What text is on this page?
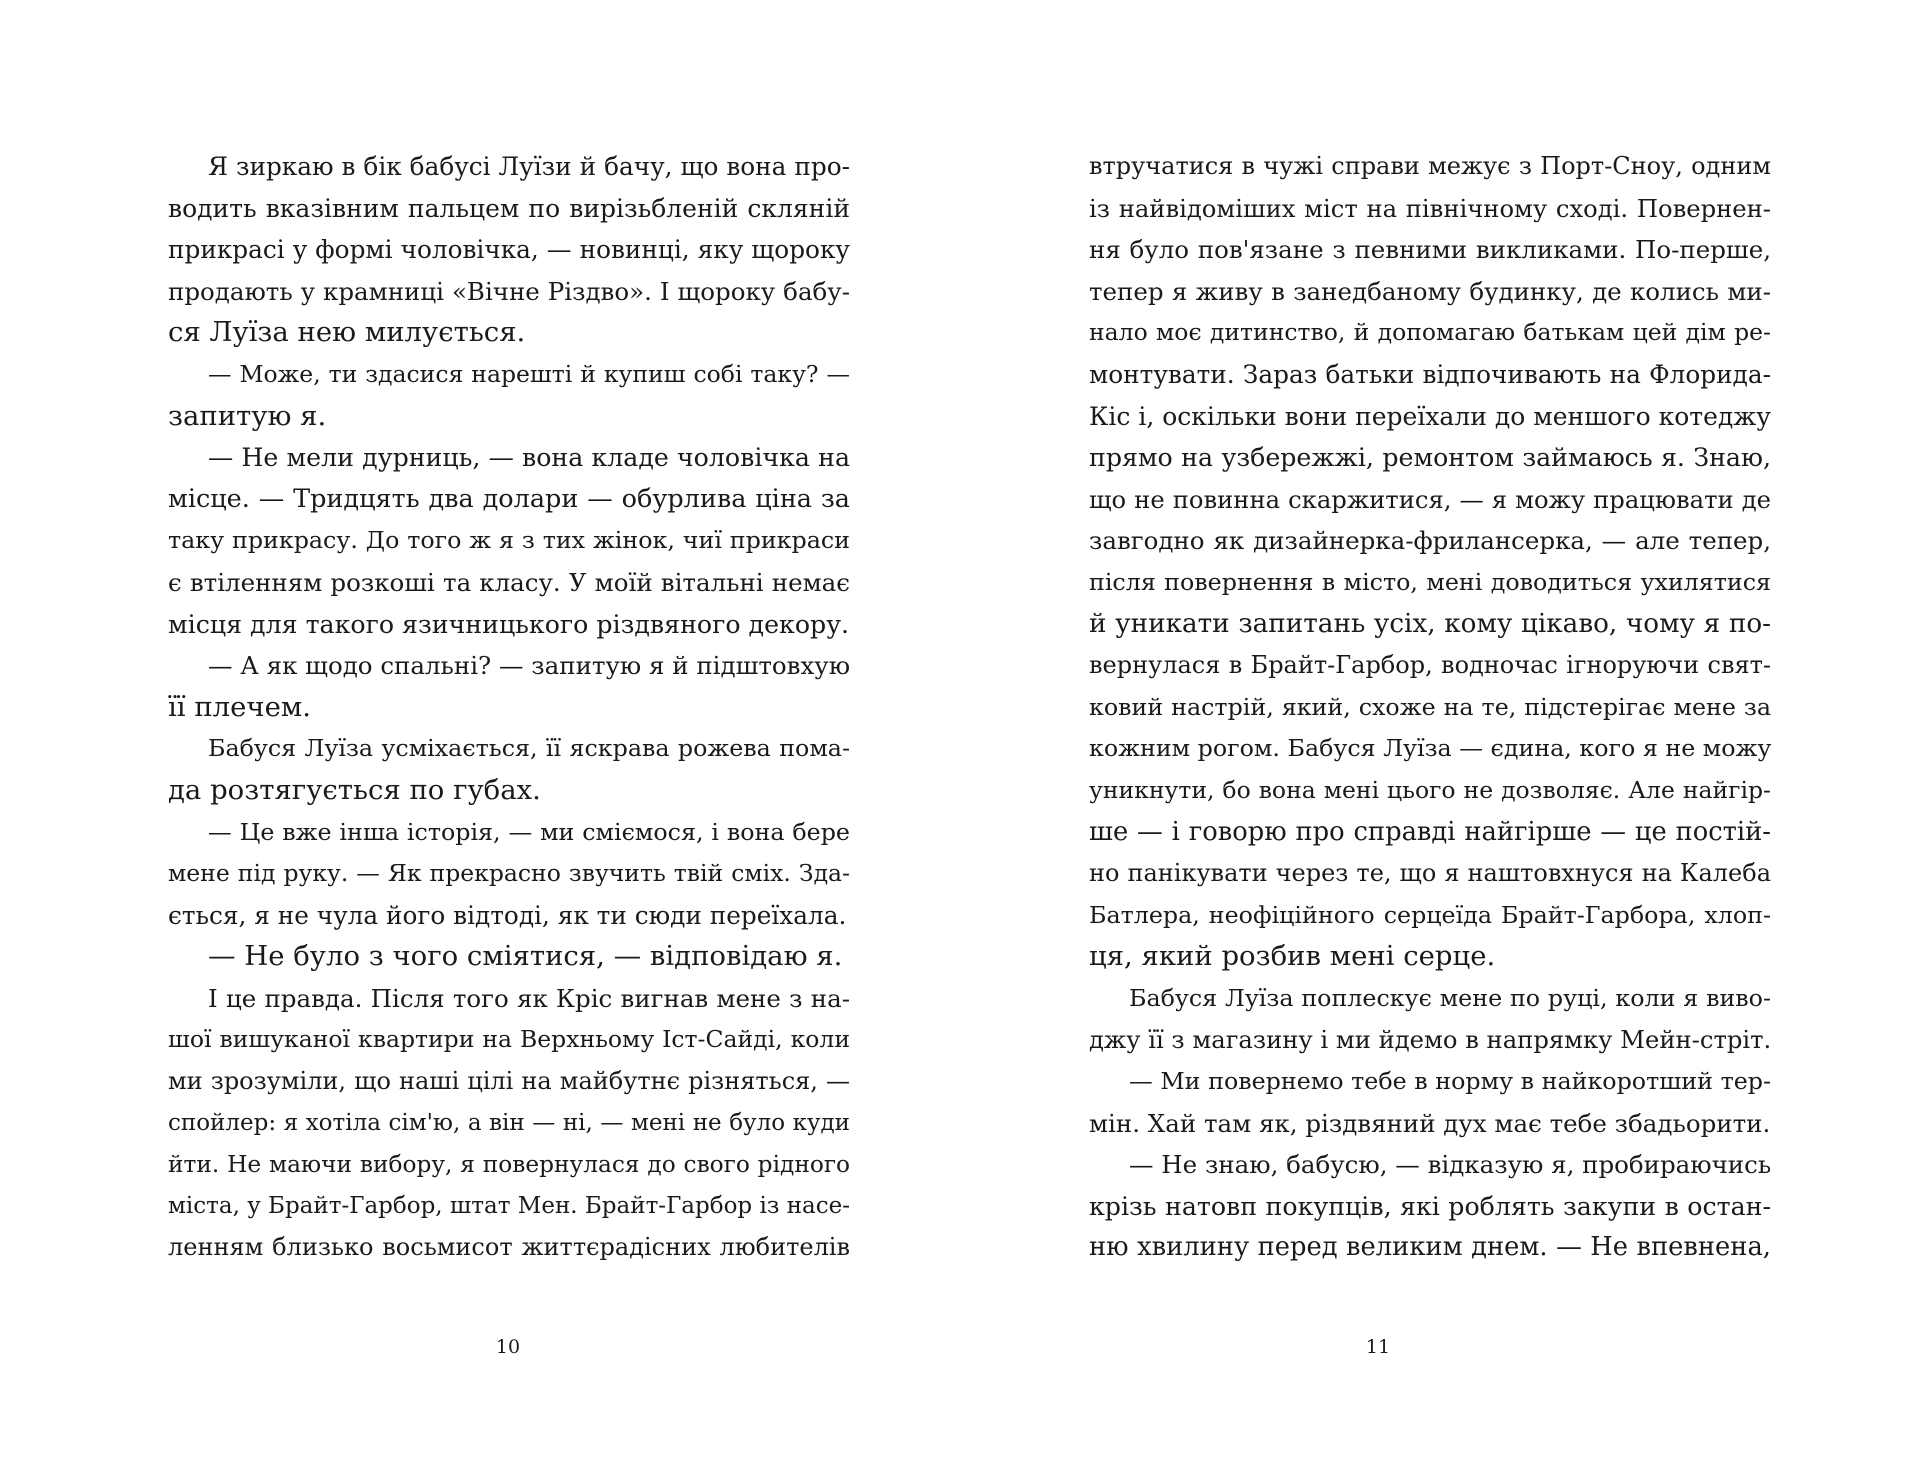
Я зиркаю в бік бабусі Луїзи й бачу, що вона про-
водить вказівним пальцем по вирізьбленій скляній
прикрасі у формі чоловічка, — новинці, яку щороку
продають у крамниці «Вічне Різдво». І щороку бабу-
ся Луїза нею милується.
— Може, ти здасися нарешті й купиш собі таку? —
запитую я.
— Не мели дурниць, — вона кладе чоловічка на
місце. — Тридцять два долари — обурлива ціна за
таку прикрасу. До того ж я з тих жінок, чиї прикраси
є втіленням розкоші та класу. У моїй вітальні немає
місця для такого язичницького різдвяного декору.
— А як щодо спальні? — запитую я й підштовхую
її плечем.
Бабуся Луїза усміхається, її яскрава рожева пома-
да розтягується по губах.
— Це вже інша історія, — ми сміємося, і вона бере
мене під руку. — Як прекрасно звучить твій сміх. Зда-
ється, я не чула його відтоді, як ти сюди переїхала.
— Не було з чого сміятися, — відповідаю я.
І це правда. Після того як Кріс вигнав мене з на-
шої вишуканої квартири на Верхньому Іст-Сайді, коли
ми зрозуміли, що наші цілі на майбутнє різняться, —
спойлер: я хотіла сім'ю, а він — ні, — мені не було куди
йти. Не маючи вибору, я повернулася до свого рідного
міста, у Брайт-Гарбор, штат Мен. Брайт-Гарбор із насе-
ленням близько восьмисот життєрадісних любителів
10
втручатися в чужі справи межує з Порт-Сноу, одним
із найвідоміших міст на північному сході. Повернен-
ня було пов'язане з певними викликами. По-перше,
тепер я живу в занедбаному будинку, де колись ми-
нало моє дитинство, й допомагаю батькам цей дім ре-
монтувати. Зараз батьки відпочивають на Флорида-
Кіс і, оскільки вони переїхали до меншого котеджу
прямо на узбережжі, ремонтом займаюсь я. Знаю,
що не повинна скаржитися, — я можу працювати де
завгодно як дизайнерка-фрилансерка, — але тепер,
після повернення в місто, мені доводиться ухилятися
й уникати запитань усіх, кому цікаво, чому я по-
вернулася в Брайт-Гарбор, водночас ігноруючи свят-
ковий настрій, який, схоже на те, підстерігає мене за
кожним рогом. Бабуся Луїза — єдина, кого я не можу
уникнути, бо вона мені цього не дозволяє. Але найгір-
ше — і говорю про справді найгірше — це постій-
но панікувати через те, що я наштовхнуся на Калеба
Батлера, неофіційного серцеїда Брайт-Гарбора, хлоп-
ця, який розбив мені серце.
Бабуся Луїза поплескує мене по руці, коли я виво-
джу її з магазину і ми йдемо в напрямку Мейн-стріт.
— Ми повернемо тебе в норму в найкоротший тер-
мін. Хай там як, різдвяний дух має тебе збадьорити.
— Не знаю, бабусю, — відказую я, пробираючись
крізь натовп покупців, які роблять закупи в остан-
ню хвилину перед великим днем. — Не впевнена,
11
